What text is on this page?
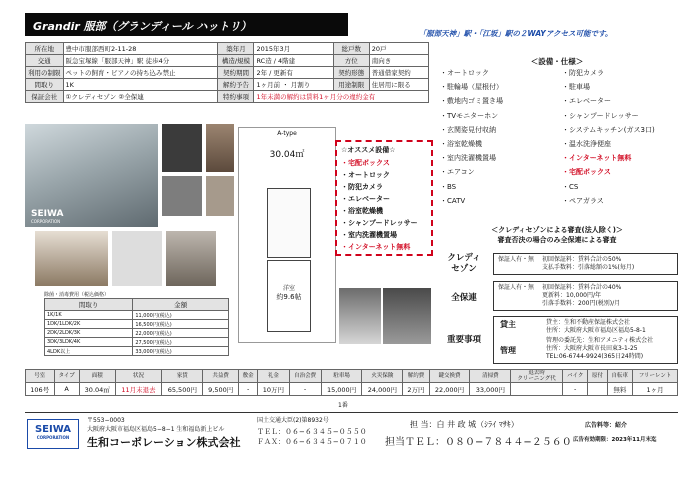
Grandir 服部（グランディール ハットリ）
「服部天神」駅・「江坂」駅の２WAYアクセス可能です。
所在地	豊中市服部西町2-11-28	築年月	2015年3月	総戸数	20戸
交通	阪急宝塚線「服部天神」駅 徒歩4分	構造/規模	RC造 / 4階建	方位	南向き
利用の制限	ペットの飼育・ピアノの持ち込み禁止	契約期間	2年 / 更新有	契約形態	普通借家契約
間取り	1K	解約予告	1ヶ月前 ・ 月割り	用途制限	住居用に限る
保証会社	①クレディセゾン ②全保連	特約事項	1年未満の解約は賃料1ヶ月分の違約金有		
＜設備・仕様＞
・オートロック
・駐輪場（屋根付）
・敷地内ゴミ置き場
・TVモニターホン
・玄関姿見付収納
・浴室乾燥機
・室内洗濯機置場
・エアコン
・BS
・CATV
・防犯カメラ
・駐車場
・エレベーター
・シャンプードレッサー
・システムキッチン(ガス3口)
・温水洗浄便座
・インターネット無料
・宅配ボックス
・CS
・ペアガラス
SEIWA
CORPORATION
除菌・消毒費用（税込価格）
間取り	金額
1K/1K	11,000円(税込)
1DK/1LDK/2K	16,500円(税込)
2DK/2LDK/3K	22,000円(税込)
3DK/3LDK/4K	27,500円(税込)
4LDK以上	33,000円(税込)
A-type
30.04㎡
洋室
約9.6帖
☆オススメ設備☆
・宅配ボックス
・オートロック
・防犯カメラ
・エレベーター
・浴室乾燥機
・シャンプードレッサー
・室内洗濯機置場
・インターネット無料
＜クレディセゾンによる審査(法人除く)＞
審査否決の場合のみ全保連による審査
クレディ
セゾン
保証人有・無	初回保証料：賃料合計の50%
支払手数料：引落総額の1%(毎月)
全保連
保証人有・無	初回保証料：賃料合計の40%
更新料：10,000円/年
引落手数料：200円(税別)/月
重要事項
貸主	貸主：生和不動産保証株式会社
住所：大阪府大阪市福島区福島5-8-1
管理
管理の委託先：生和アメニティ株式会社
住所：大阪府大阪市長田東3-1-25
TEL:06-6744-9924(365日24時間)
号室	タイプ	面積	状況	家賃	共益費	敷金	礼金	自治会費	駐車場	火災保険	解約費	鍵交換費	清掃費	退去時
クリーニング代	バイク	原付	自転車	フリーレント
106号	A	30.04㎡	11月末退去	65,500円	9,500円	-	10万円	-	15,000円	24,000円	2万円	22,000円	33,000円		-		無料	1ヶ月
1番
SEIWA
CORPORATION
〒553−0003
大阪府大阪市福島区福島5−8−1 生和福島新上ビル
生和コーポレーション株式会社
国土交通大臣(2)第8932号
ＴＥＬ：０６−６３４５−０５５０
ＦＡＸ：０６−６３４５−０７１０
担 当：白 井 政 城（ｼﾗｲ ﾏｻｷ）
担当ＴＥＬ：０８０−７８４４−２５６０
広告料等：紹介
広告有効期限：2023年11月末迄
